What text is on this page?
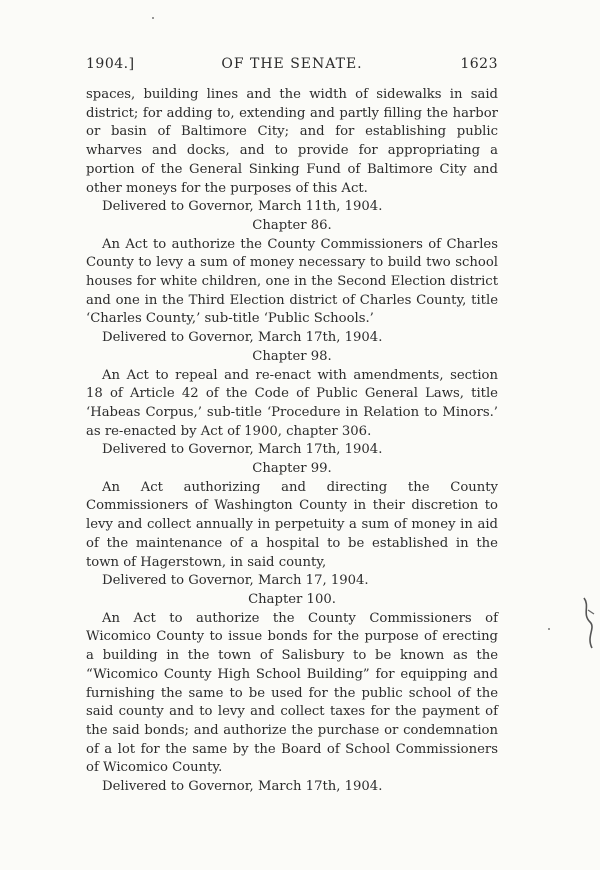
1904.]	OF THE SENATE.	1623

spaces, building lines and the width of sidewalks in said district; for adding to, extending and partly filling the harbor or basin of Baltimore City; and for establishing public wharves and docks, and to provide for appropriating a portion of the General Sinking Fund of Baltimore City and other moneys for the purposes of this Act.

Delivered to Governor, March 11th, 1904.
Chapter 86.

An Act to authorize the County Commissioners of Charles County to levy a sum of money necessary to build two school houses for white children, one in the Second Election district and one in the Third Election district of Charles County, title ‘Charles County,’ sub-title ‘Public Schools.’

Delivered to Governor, March 17th, 1904.
Chapter 98.

An Act to repeal and re-enact with amendments, section 18 of Article 42 of the Code of Public General Laws, title ‘Habeas Corpus,’ sub-title ‘Procedure in Relation to Minors.’ as re-enacted by Act of 1900, chapter 306.

Delivered to Governor, March 17th, 1904.
Chapter 99.

An Act authorizing and directing the County Commissioners of Washington County in their discretion to levy and collect annually in perpetuity a sum of money in aid of the maintenance of a hospital to be established in the town of Hagerstown, in said county,

Delivered to Governor, March 17, 1904.
Chapter 100.

An Act to authorize the County Commissioners of Wicomico County to issue bonds for the purpose of erecting a building in the town of Salisbury to be known as the “Wicomico County High School Building” for equipping and furnishing the same to be used for the public school of the said county and to levy and collect taxes for the payment of the said bonds; and authorize the purchase or condemnation of a lot for the same by the Board of School Commissioners of Wicomico County.

Delivered to Governor, March 17th, 1904.
